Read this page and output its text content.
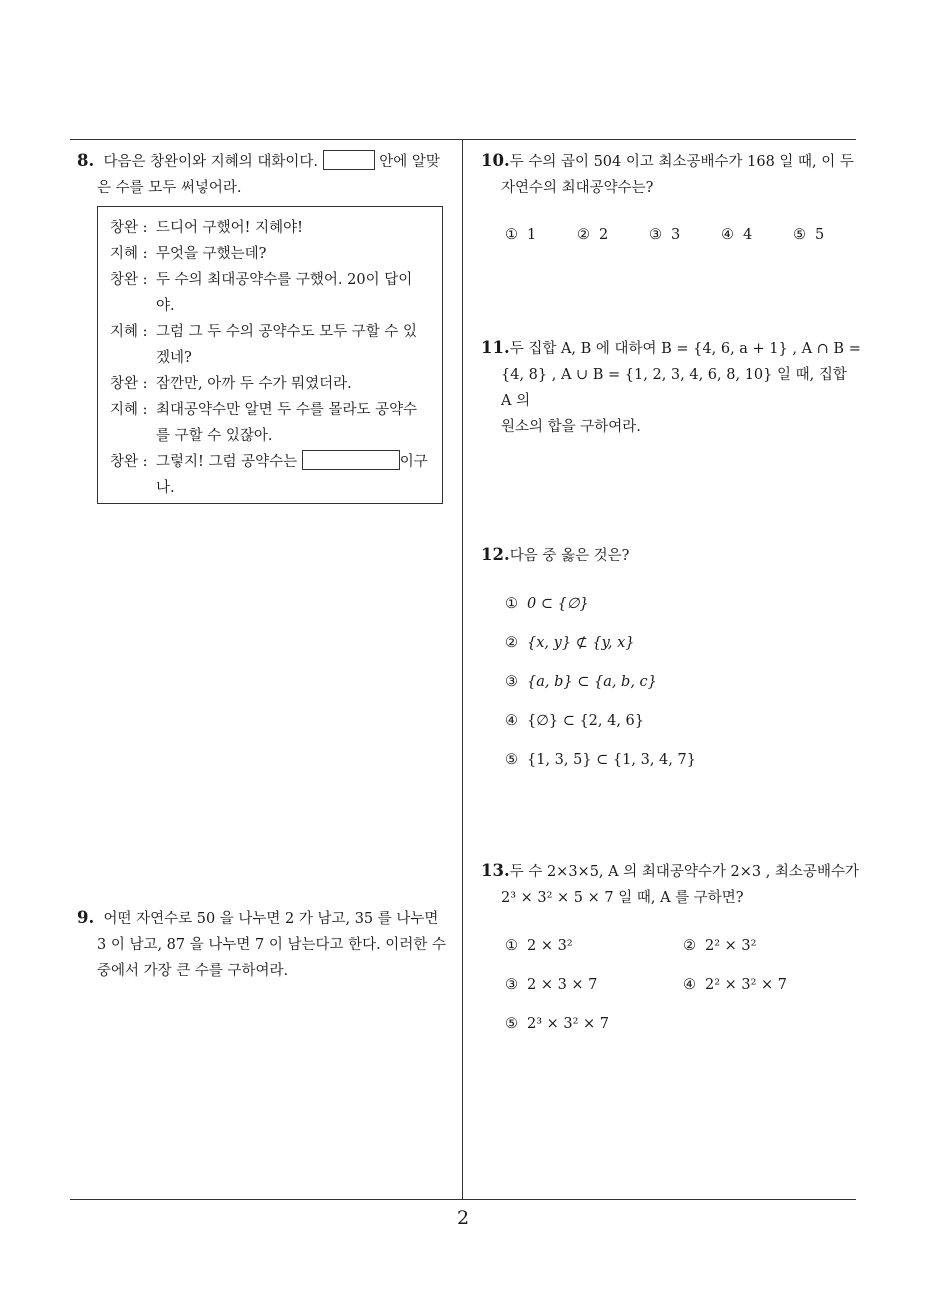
8. 다음은 창완이와 지혜의 대화이다.	안에 알맞
은 수를 모두 써넣어라.
창완 : 드디어 구했어! 지혜야!
지혜 : 무엇을 구했는데?
창완 : 두 수의 최대공약수를 구했어. 20이 답이
야.
지혜 : 그럼 그 두 수의 공약수도 모두 구할 수 있
겠네?
창완 : 잠깐만, 아까 두 수가 뭐였더라.
지혜 : 최대공약수만 알면 두 수를 몰라도 공약수
를 구할 수 있잖아.
창완 : 그렇지! 그럼 공약수는	이구
나.
9. 어떤 자연수로 50 을 나누면 2 가 남고, 35 를 나누면
3 이 남고, 87 을 나누면 7 이 남는다고 한다. 이러한 수
중에서 가장 큰 수를 구하여라.
10.두 수의 곱이 504 이고 최소공배수가 168 일 때, 이 두
자연수의 최대공약수는?
① 1	② 2	③ 3	④ 4	⑤ 5
11.두 집합 A, B 에 대하여 B = {4, 6, a + 1} , A ∩ B =
{4, 8} , A ∪ B = {1, 2, 3, 4, 6, 8, 10} 일 때, 집합 A 의
원소의 합을 구하여라.
12.다음 중 옳은 것은?
① 0 ⊂ {∅}
② {x, y} ⊄ {y, x}
③ {a, b} ⊂ {a, b, c}
④ {∅} ⊂ {2, 4, 6}
⑤ {1, 3, 5} ⊂ {1, 3, 4, 7}
13.두 수 2×3×5, A 의 최대공약수가 2×3 , 최소공배수가
2³ × 3² × 5 × 7 일 때, A 를 구하면?
① 2 × 3²	② 2² × 3²
③ 2 × 3 × 7	④ 2² × 3² × 7
⑤ 2³ × 3² × 7
2
